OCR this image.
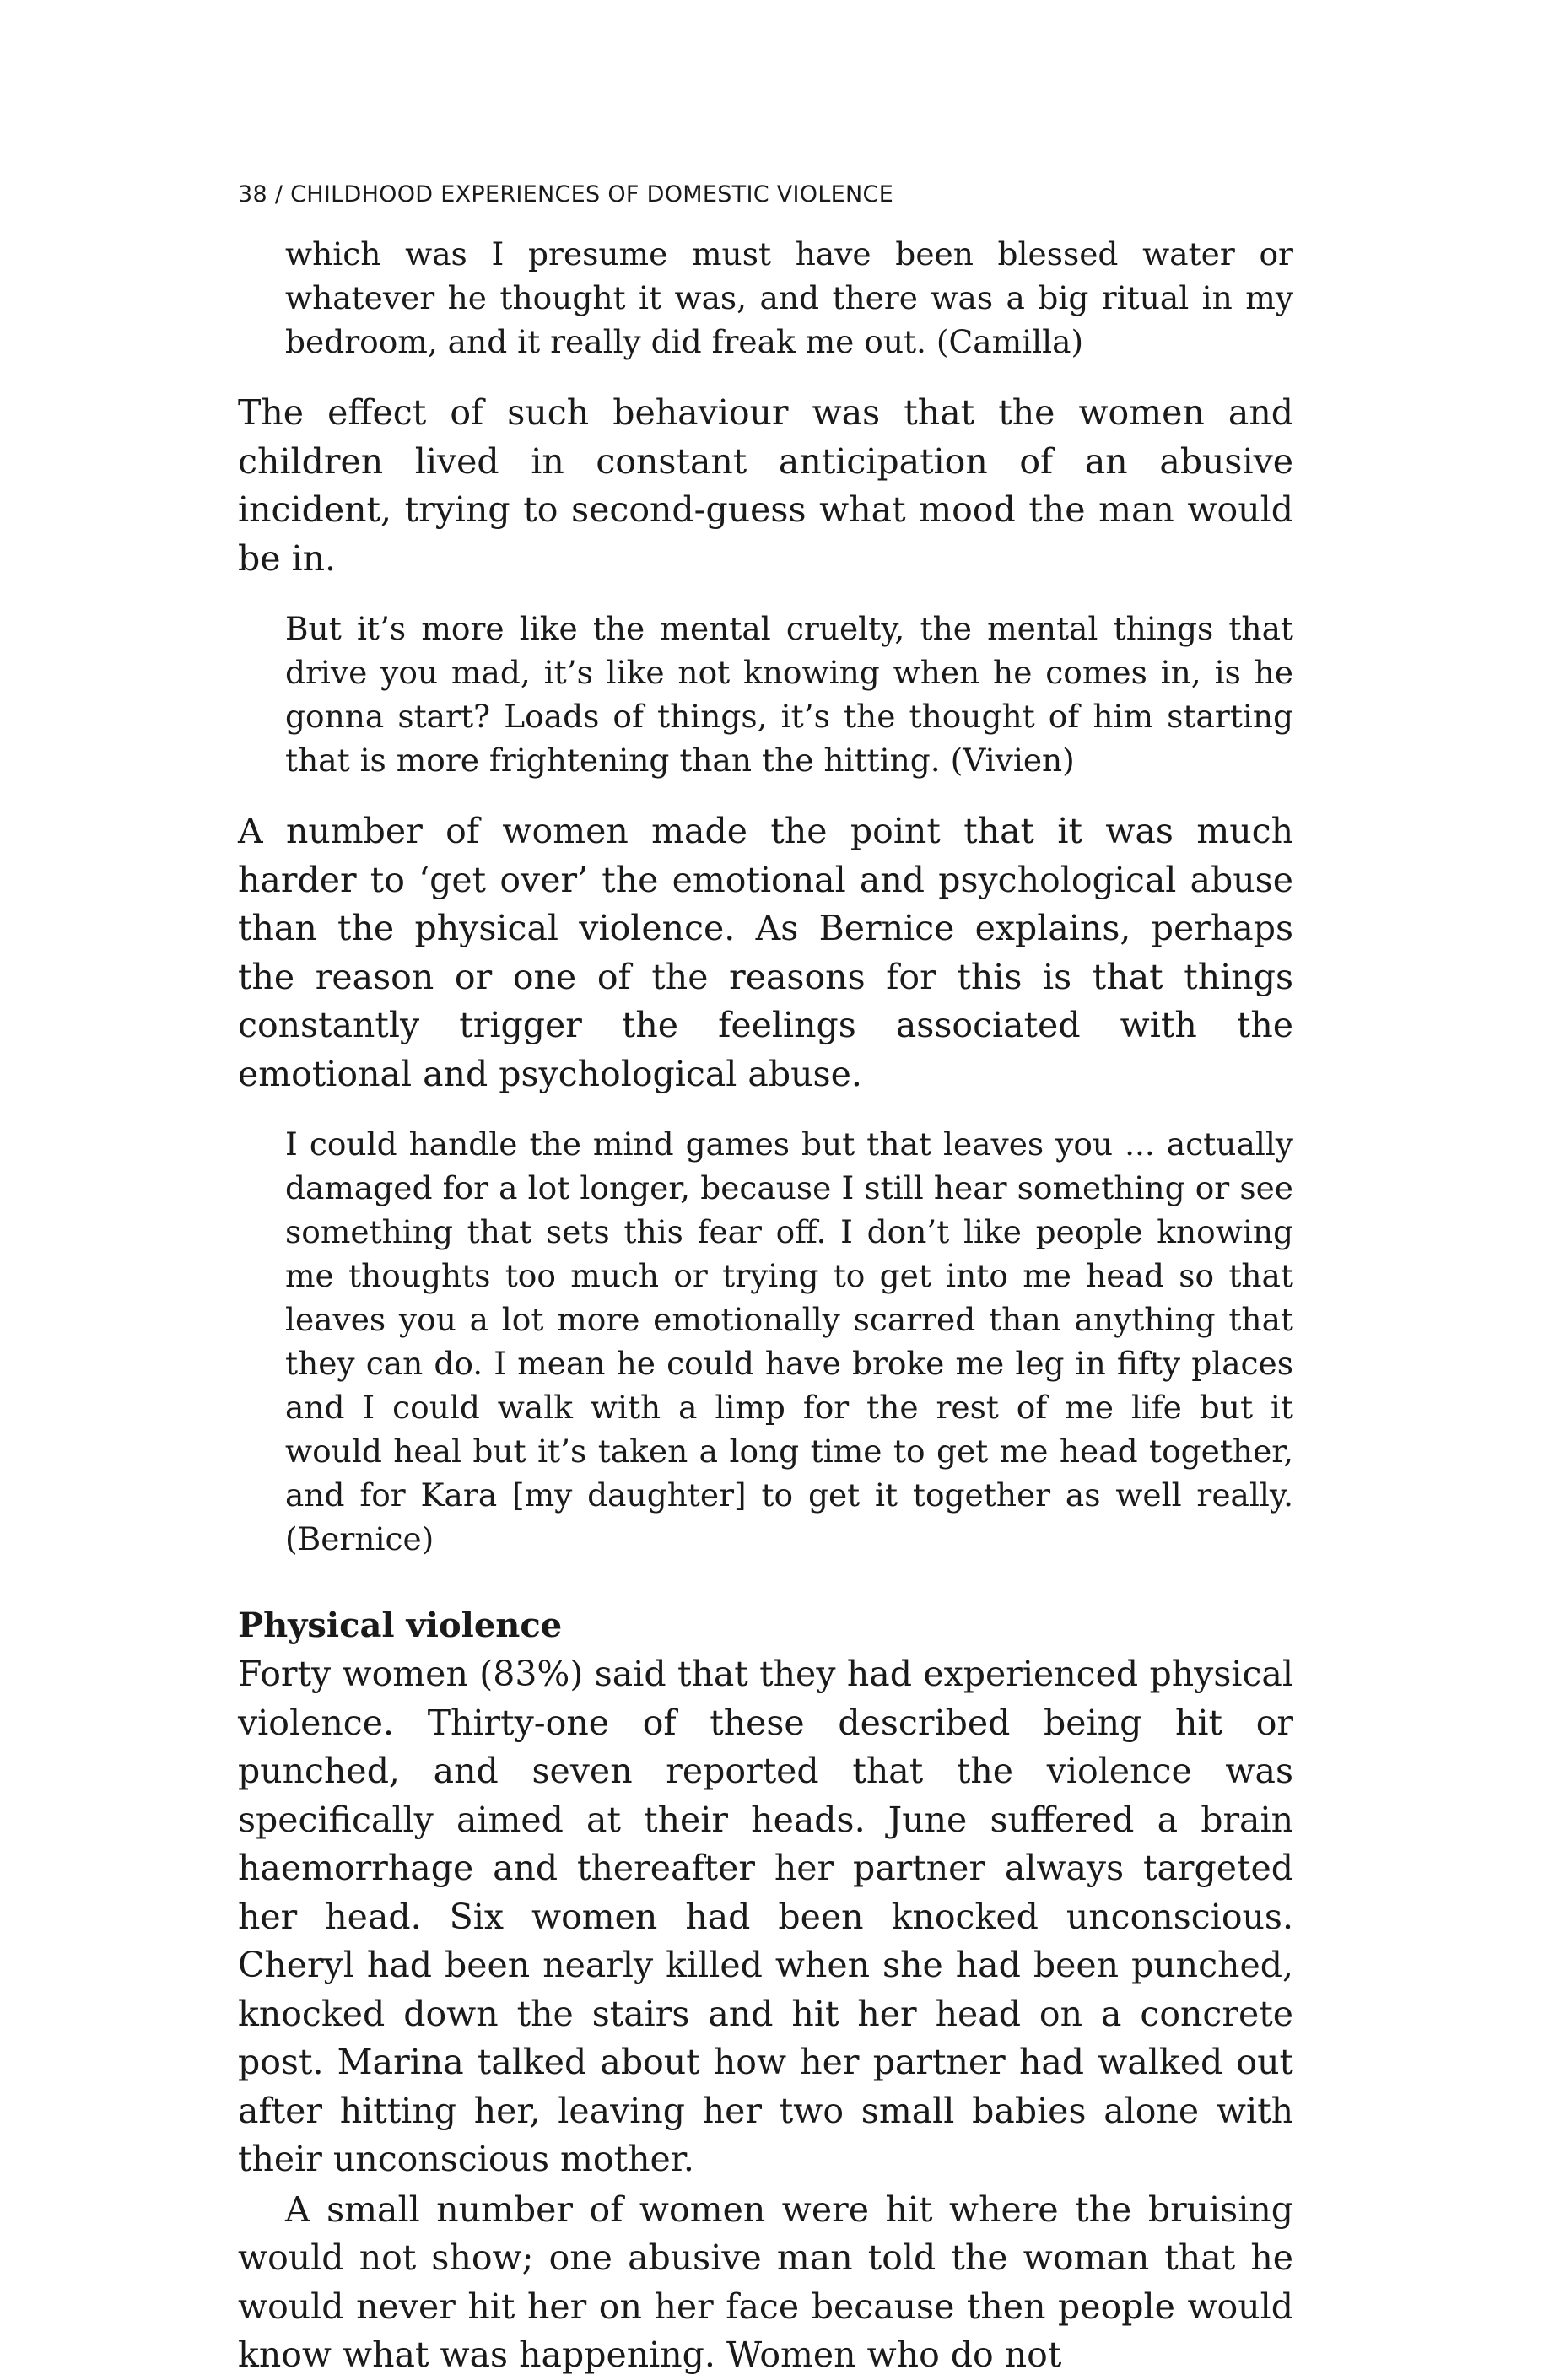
38 / CHILDHOOD EXPERIENCES OF DOMESTIC VIOLENCE

which was I presume must have been blessed water or whatever he thought it was, and there was a big ritual in my bedroom, and it really did freak me out. (Camilla)

The effect of such behaviour was that the women and children lived in constant anticipation of an abusive incident, trying to second-guess what mood the man would be in.

But it’s more like the mental cruelty, the mental things that drive you mad, it’s like not knowing when he comes in, is he gonna start? Loads of things, it’s the thought of him starting that is more frightening than the hitting. (Vivien)

A number of women made the point that it was much harder to ‘get over’ the emotional and psychological abuse than the physical violence. As Bernice explains, perhaps the reason or one of the reasons for this is that things constantly trigger the feelings associated with the emotional and psychological abuse.

I could handle the mind games but that leaves you ... actually damaged for a lot longer, because I still hear something or see something that sets this fear off. I don’t like people knowing me thoughts too much or trying to get into me head so that leaves you a lot more emotionally scarred than anything that they can do. I mean he could have broke me leg in fifty places and I could walk with a limp for the rest of me life but it would heal but it’s taken a long time to get me head together, and for Kara [my daughter] to get it together as well really. (Bernice)

Physical violence

Forty women (83%) said that they had experienced physical violence. Thirty-one of these described being hit or punched, and seven reported that the violence was specifically aimed at their heads. June suffered a brain haemorrhage and thereafter her partner always targeted her head. Six women had been knocked unconscious. Cheryl had been nearly killed when she had been punched, knocked down the stairs and hit her head on a concrete post. Marina talked about how her partner had walked out after hitting her, leaving her two small babies alone with their unconscious mother.

A small number of women were hit where the bruising would not show; one abusive man told the woman that he would never hit her on her face because then people would know what was happening. Women who do not
